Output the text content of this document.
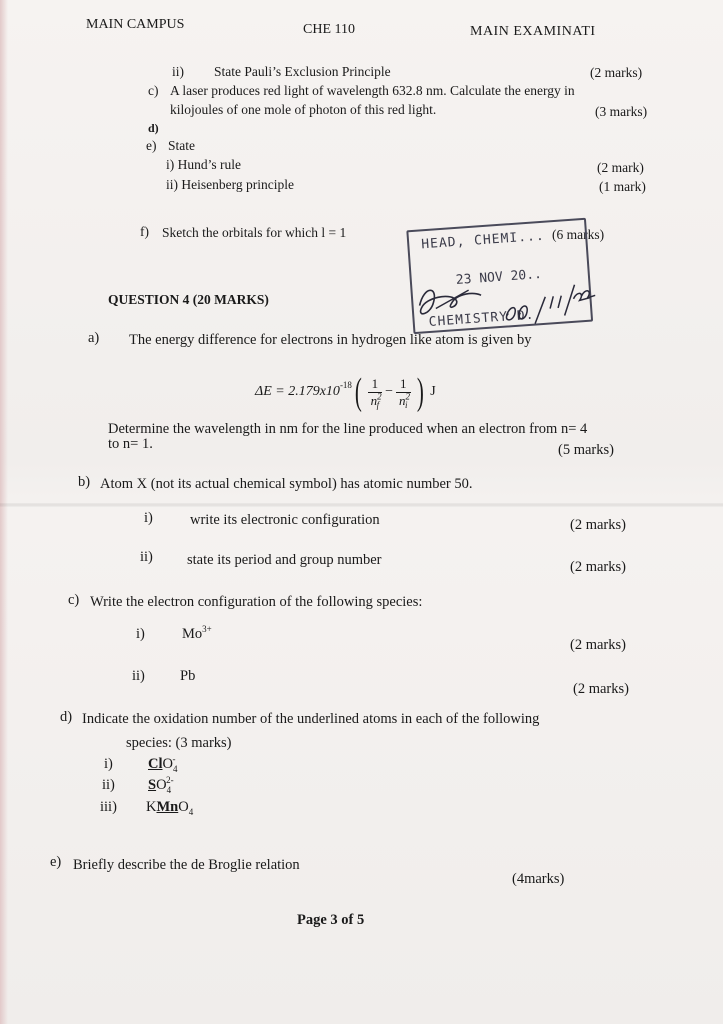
MAIN CAMPUS	CHE 110	MAIN EXAMINATI
ii) State Pauli’s Exclusion Principle	(2 marks)
c) A laser produces red light of wavelength 632.8 nm. Calculate the energy in
kilojoules of one mole of photon of this red light.	(3 marks)
d)
e) State
i) Hund’s rule	(2 mark)
ii) Heisenberg principle	(1 mark)
f) Sketch the orbitals for which l = 1	(6 marks)
HEAD, CHEMI...
23 NOV 20..
CHEMISTRY D.
QUESTION 4 (20 MARKS)
a) The energy difference for electrons in hydrogen like atom is given by
$\Delta E = 2.179x10^{-18}$ ( $\frac{1}{n^2_f} - \frac{1}{n^2_i}$ ) J
Determine the wavelength in nm for the line produced when an electron from n= 4
to n= 1.	(5 marks)
b) Atom X (not its actual chemical symbol) has atomic number 50.
i)	write its electronic configuration	(2 marks)
ii) state its period and group number	(2 marks)
c) Write the electron configuration of the following species:
i)	$Mo^{3+}$
(2 marks)
ii) Pb
(2 marks)
d) Indicate the oxidation number of the underlined atoms in each of the following
species: (3 marks)
i) ClO$_4$-
ii) $SO_4^{2-}$
iii) KMnO$_4$
e) Briefly describe the de Broglie relation
(4marks)
Page 3 of 5
